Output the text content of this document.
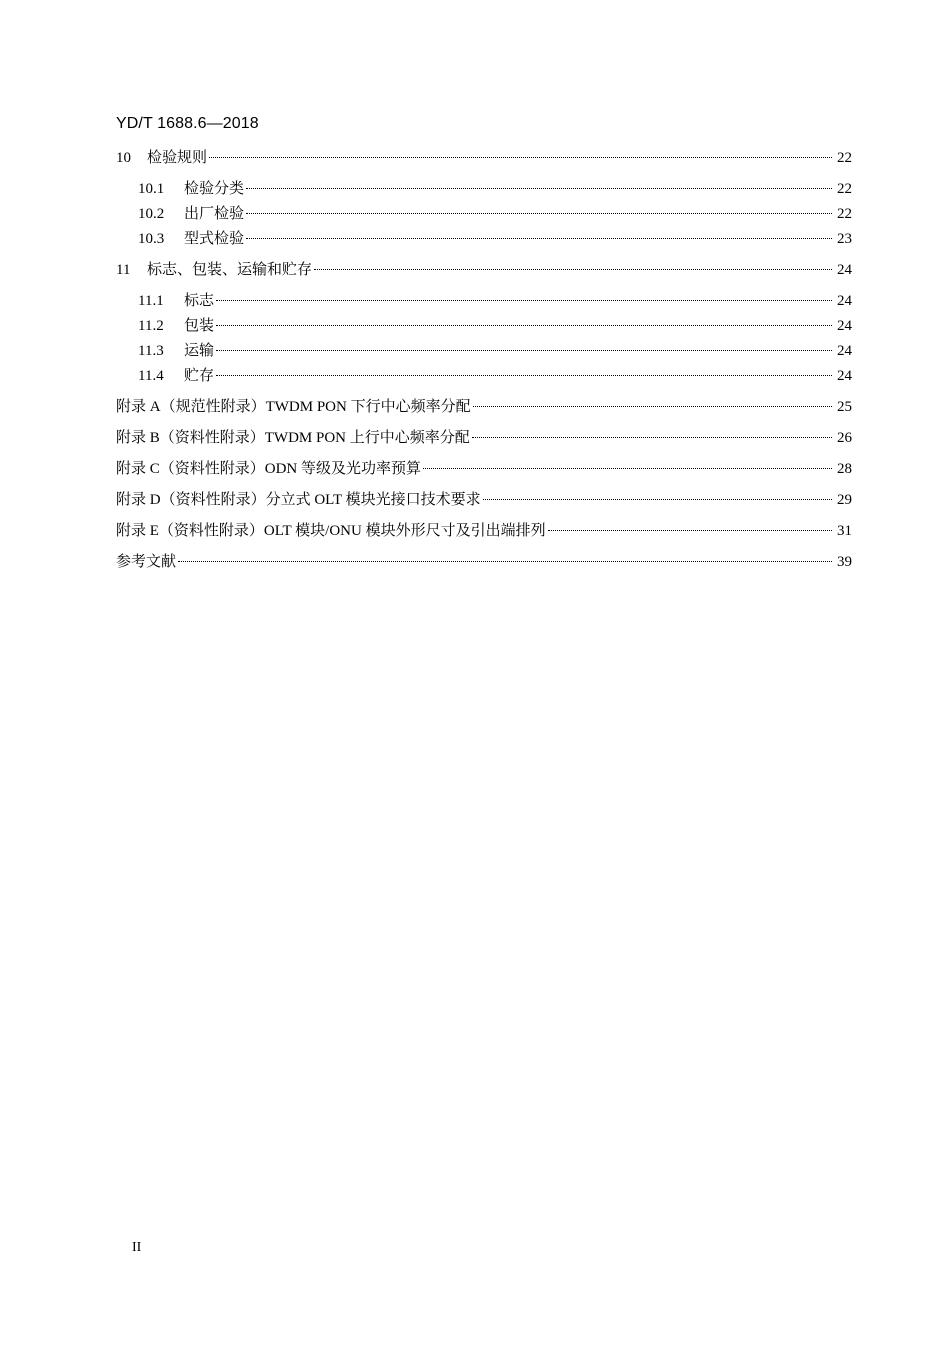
YD/T 1688.6—2018
10	检验规则	22
10.1	检验分类	22
10.2	出厂检验	22
10.3	型式检验	23
11	标志、包装、运输和贮存	24
11.1	标志	24
11.2	包装	24
11.3	运输	24
11.4	贮存	24
附录 A（规范性附录）TWDM PON 下行中心频率分配	25
附录 B（资料性附录）TWDM PON 上行中心频率分配	26
附录 C（资料性附录）ODN 等级及光功率预算	28
附录 D（资料性附录）分立式 OLT 模块光接口技术要求	29
附录 E（资料性附录）OLT 模块/ONU 模块外形尺寸及引出端排列	31
参考文献	39
II
